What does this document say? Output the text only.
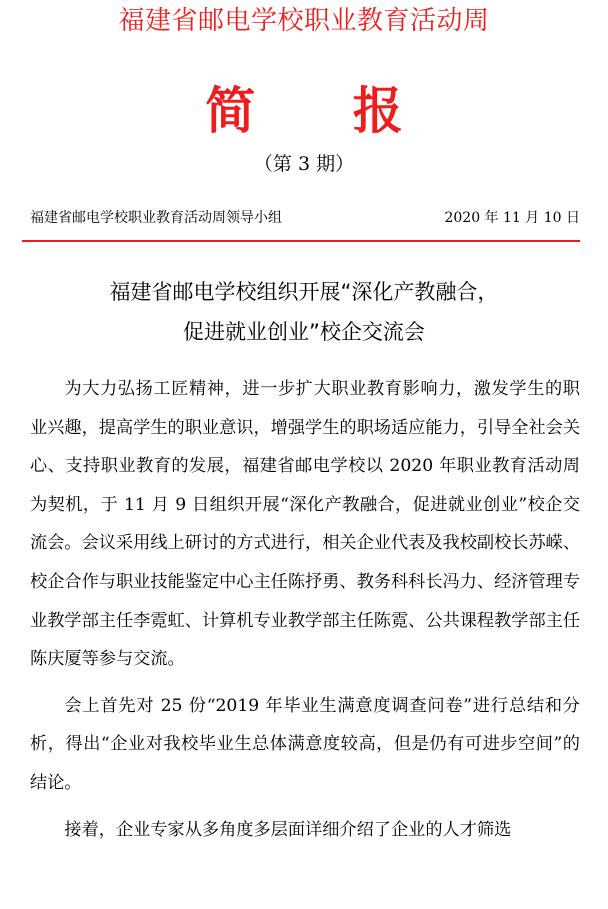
福建省邮电学校职业教育活动周
简 报
（第 3 期）
福建省邮电学校职业教育活动周领导小组	2020 年 11 月 10 日
福建省邮电学校组织开展“深化产教融合，
促进就业创业”校企交流会

为大力弘扬工匠精神，进一步扩大职业教育影响力，激发学生的职业兴趣，提高学生的职业意识，增强学生的职场适应能力，引导全社会关心、支持职业教育的发展，福建省邮电学校以 2020 年职业教育活动周为契机，于 11 月 9 日组织开展“深化产教融合，促进就业创业”校企交流会。会议采用线上研讨的方式进行，相关企业代表及我校副校长苏嵘、校企合作与职业技能鉴定中心主任陈抒勇、教务科科长冯力、经济管理专业教学部主任李霓虹、计算机专业教学部主任陈霓、公共课程教学部主任陈庆厦等参与交流。

会上首先对 25 份“2019 年毕业生满意度调查问卷”进行总结和分析，得出“企业对我校毕业生总体满意度较高，但是仍有可进步空间”的结论。

接着，企业专家从多角度多层面详细介绍了企业的人才筛选
